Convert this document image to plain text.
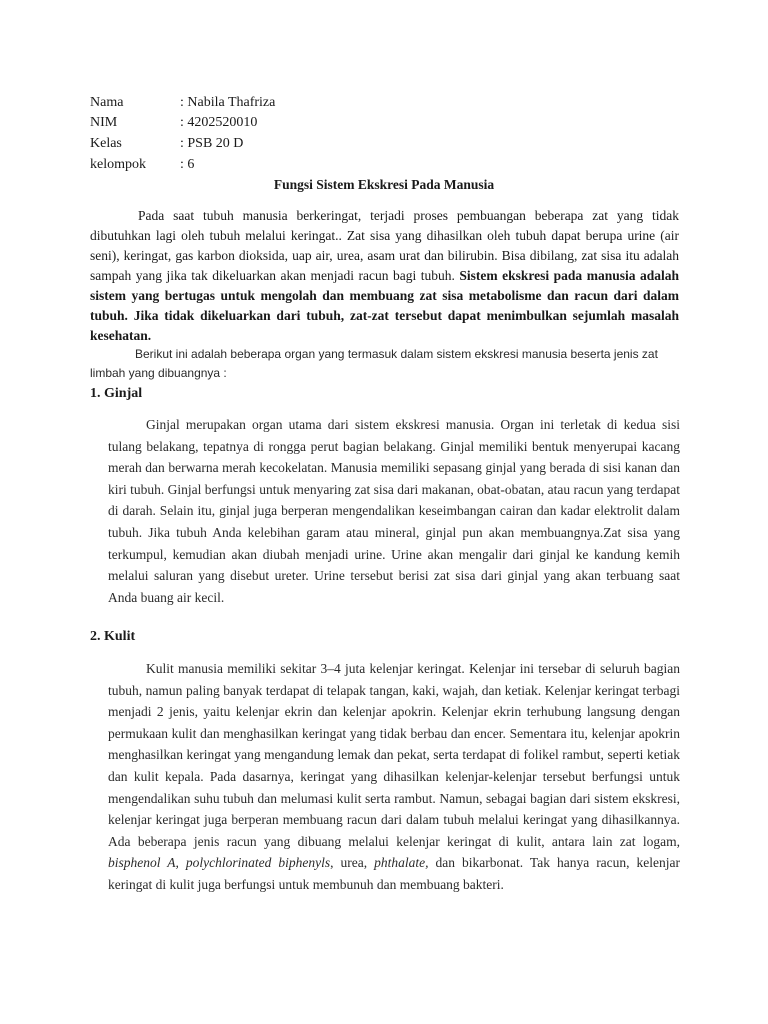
Nama	: Nabila Thafriza
NIM	: 4202520010
Kelas	: PSB 20 D
kelompok : 6
Fungsi Sistem Ekskresi Pada Manusia

Pada saat tubuh manusia berkeringat, terjadi proses pembuangan beberapa zat yang tidak dibutuhkan lagi oleh tubuh melalui keringat.. Zat sisa yang dihasilkan oleh tubuh dapat berupa urine (air seni), keringat, gas karbon dioksida, uap air, urea, asam urat dan bilirubin. Bisa dibilang, zat sisa itu adalah sampah yang jika tak dikeluarkan akan menjadi racun bagi tubuh. Sistem ekskresi pada manusia adalah sistem yang bertugas untuk mengolah dan membuang zat sisa metabolisme dan racun dari dalam tubuh. Jika tidak dikeluarkan dari tubuh, zat-zat tersebut dapat menimbulkan sejumlah masalah kesehatan.

Berikut ini adalah beberapa organ yang termasuk dalam sistem ekskresi manusia beserta jenis zat limbah yang dibuangnya :

1. Ginjal

Ginjal merupakan organ utama dari sistem ekskresi manusia. Organ ini terletak di kedua sisi tulang belakang, tepatnya di rongga perut bagian belakang. Ginjal memiliki bentuk menyerupai kacang merah dan berwarna merah kecokelatan. Manusia memiliki sepasang ginjal yang berada di sisi kanan dan kiri tubuh. Ginjal berfungsi untuk menyaring zat sisa dari makanan, obat-obatan, atau racun yang terdapat di darah. Selain itu, ginjal juga berperan mengendalikan keseimbangan cairan dan kadar elektrolit dalam tubuh. Jika tubuh Anda kelebihan garam atau mineral, ginjal pun akan membuangnya.Zat sisa yang terkumpul, kemudian akan diubah menjadi urine. Urine akan mengalir dari ginjal ke kandung kemih melalui saluran yang disebut ureter. Urine tersebut berisi zat sisa dari ginjal yang akan terbuang saat Anda buang air kecil.

2. Kulit

Kulit manusia memiliki sekitar 3–4 juta kelenjar keringat. Kelenjar ini tersebar di seluruh bagian tubuh, namun paling banyak terdapat di telapak tangan, kaki, wajah, dan ketiak. Kelenjar keringat terbagi menjadi 2 jenis, yaitu kelenjar ekrin dan kelenjar apokrin. Kelenjar ekrin terhubung langsung dengan permukaan kulit dan menghasilkan keringat yang tidak berbau dan encer. Sementara itu, kelenjar apokrin menghasilkan keringat yang mengandung lemak dan pekat, serta terdapat di folikel rambut, seperti ketiak dan kulit kepala. Pada dasarnya, keringat yang dihasilkan kelenjar-kelenjar tersebut berfungsi untuk mengendalikan suhu tubuh dan melumasi kulit serta rambut. Namun, sebagai bagian dari sistem ekskresi, kelenjar keringat juga berperan membuang racun dari dalam tubuh melalui keringat yang dihasilkannya. Ada beberapa jenis racun yang dibuang melalui kelenjar keringat di kulit, antara lain zat logam, bisphenol A, polychlorinated biphenyls, urea, phthalate, dan bikarbonat. Tak hanya racun, kelenjar keringat di kulit juga berfungsi untuk membunuh dan membuang bakteri.
